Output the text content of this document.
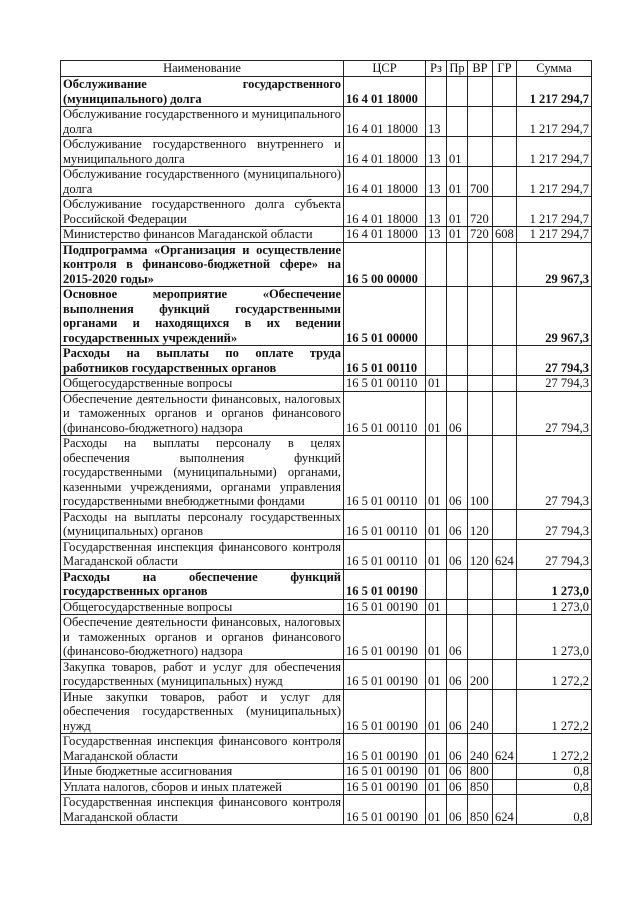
Наименование	ЦСР	Рз	Пр	ВР	ГР	Сумма
Обслуживание государственного (муниципального) долга	16 4 01 18000					1 217 294,7
Обслуживание государственного и муниципального долга	16 4 01 18000	13				1 217 294,7
Обслуживание государственного внутреннего и муниципального долга	16 4 01 18000	13	01			1 217 294,7
Обслуживание государственного (муниципального) долга	16 4 01 18000	13	01	700		1 217 294,7
Обслуживание государственного долга субъекта Российской Федерации	16 4 01 18000	13	01	720		1 217 294,7
Министерство финансов Магаданской области	16 4 01 18000	13	01	720	608	1 217 294,7
Подпрограмма «Организация и осуществление контроля в финансово-бюджетной сфере» на 2015-2020 годы»	16 5 00 00000					29 967,3
Основное мероприятие «Обеспечение выполнения функций государственными органами и находящихся в их ведении государственных учреждений»	16 5 01 00000					29 967,3
Расходы на выплаты по оплате труда работников государственных органов	16 5 01 00110					27 794,3
Общегосударственные вопросы	16 5 01 00110	01				27 794,3
Обеспечение деятельности финансовых, налоговых и таможенных органов и органов финансового (финансово-бюджетного) надзора	16 5 01 00110	01	06			27 794,3
Расходы на выплаты персоналу в целях обеспечения выполнения функций государственными (муниципальными) органами, казенными учреждениями, органами управления государственными внебюджетными фондами	16 5 01 00110	01	06	100		27 794,3
Расходы на выплаты персоналу государственных (муниципальных) органов	16 5 01 00110	01	06	120		27 794,3
Государственная инспекция финансового контроля Магаданской области	16 5 01 00110	01	06	120	624	27 794,3
Расходы на обеспечение функций государственных органов	16 5 01 00190					1 273,0
Общегосударственные вопросы	16 5 01 00190	01				1 273,0
Обеспечение деятельности финансовых, налоговых и таможенных органов и органов финансового (финансово-бюджетного) надзора	16 5 01 00190	01	06			1 273,0
Закупка товаров, работ и услуг для обеспечения государственных (муниципальных) нужд	16 5 01 00190	01	06	200		1 272,2
Иные закупки товаров, работ и услуг для обеспечения государственных (муниципальных) нужд	16 5 01 00190	01	06	240		1 272,2
Государственная инспекция финансового контроля Магаданской области	16 5 01 00190	01	06	240	624	1 272,2
Иные бюджетные ассигнования	16 5 01 00190	01	06	800		0,8
Уплата налогов, сборов и иных платежей	16 5 01 00190	01	06	850		0,8
Государственная инспекция финансового контроля Магаданской области	16 5 01 00190	01	06	850	624	0,8
